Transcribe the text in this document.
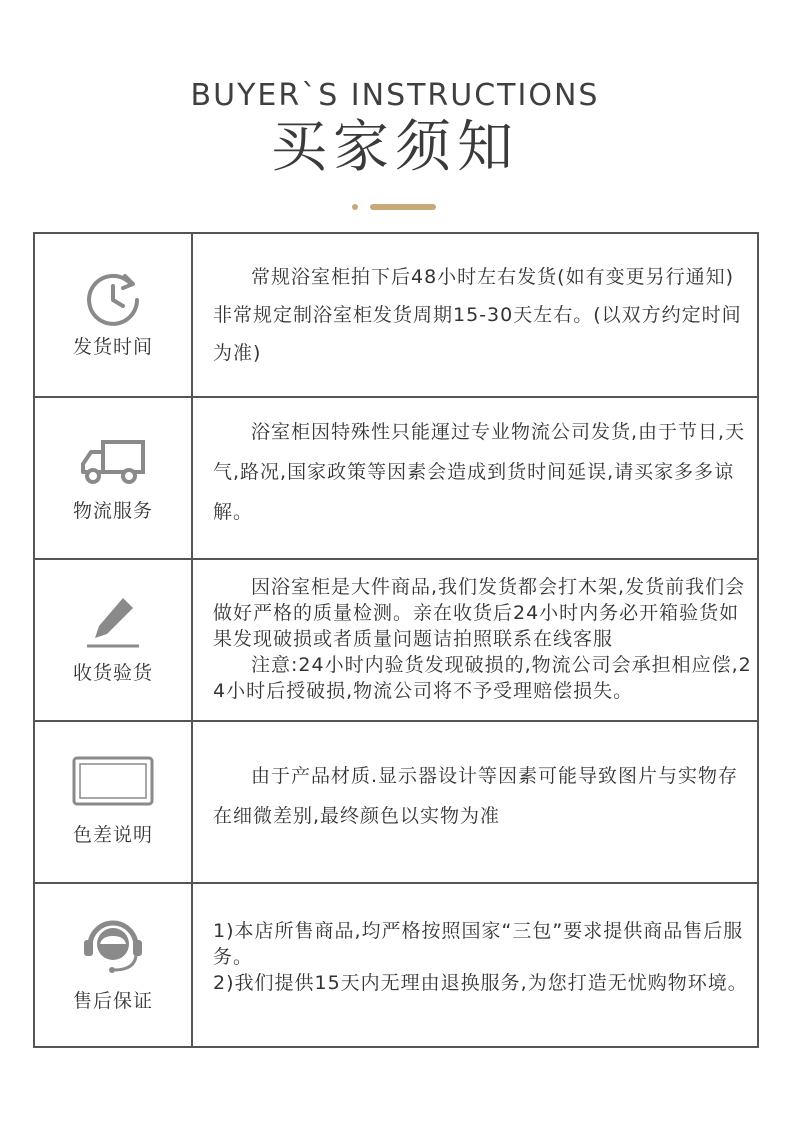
BUYER`S INSTRUCTIONS
买家须知
发货时间
常规浴室柜拍下后48小时左右发货(如有变更另行通知)非常规定制浴室柜发货周期15-30天左右。(以双方约定时间为准)
物流服务
浴室柜因特殊性只能運过专业物流公司发货,由于节日,天气,路况,国家政策等因素会造成到货时间延误,请买家多多谅解。
收货验货
因浴室柜是大件商品,我们发货都会打木架,发货前我们会做好严格的质量检测。亲在收货后24小时内务必开箱验货如果发现破损或者质量问题诘拍照联系在线客服
注意:24小时内验货发现破损的,物流公司会承担相应偿,24小时后授破损,物流公司将不予受理赔偿损失。
色差说明
由于产品材质.显示器设计等因素可能导致图片与实物存在细微差别,最终颜色以实物为准
售后保证
1)本店所售商品,均严格按照国家“三包”要求提供商品售后服务。
2)我们提供15天内无理由退换服务,为您打造无忧购物环境。
